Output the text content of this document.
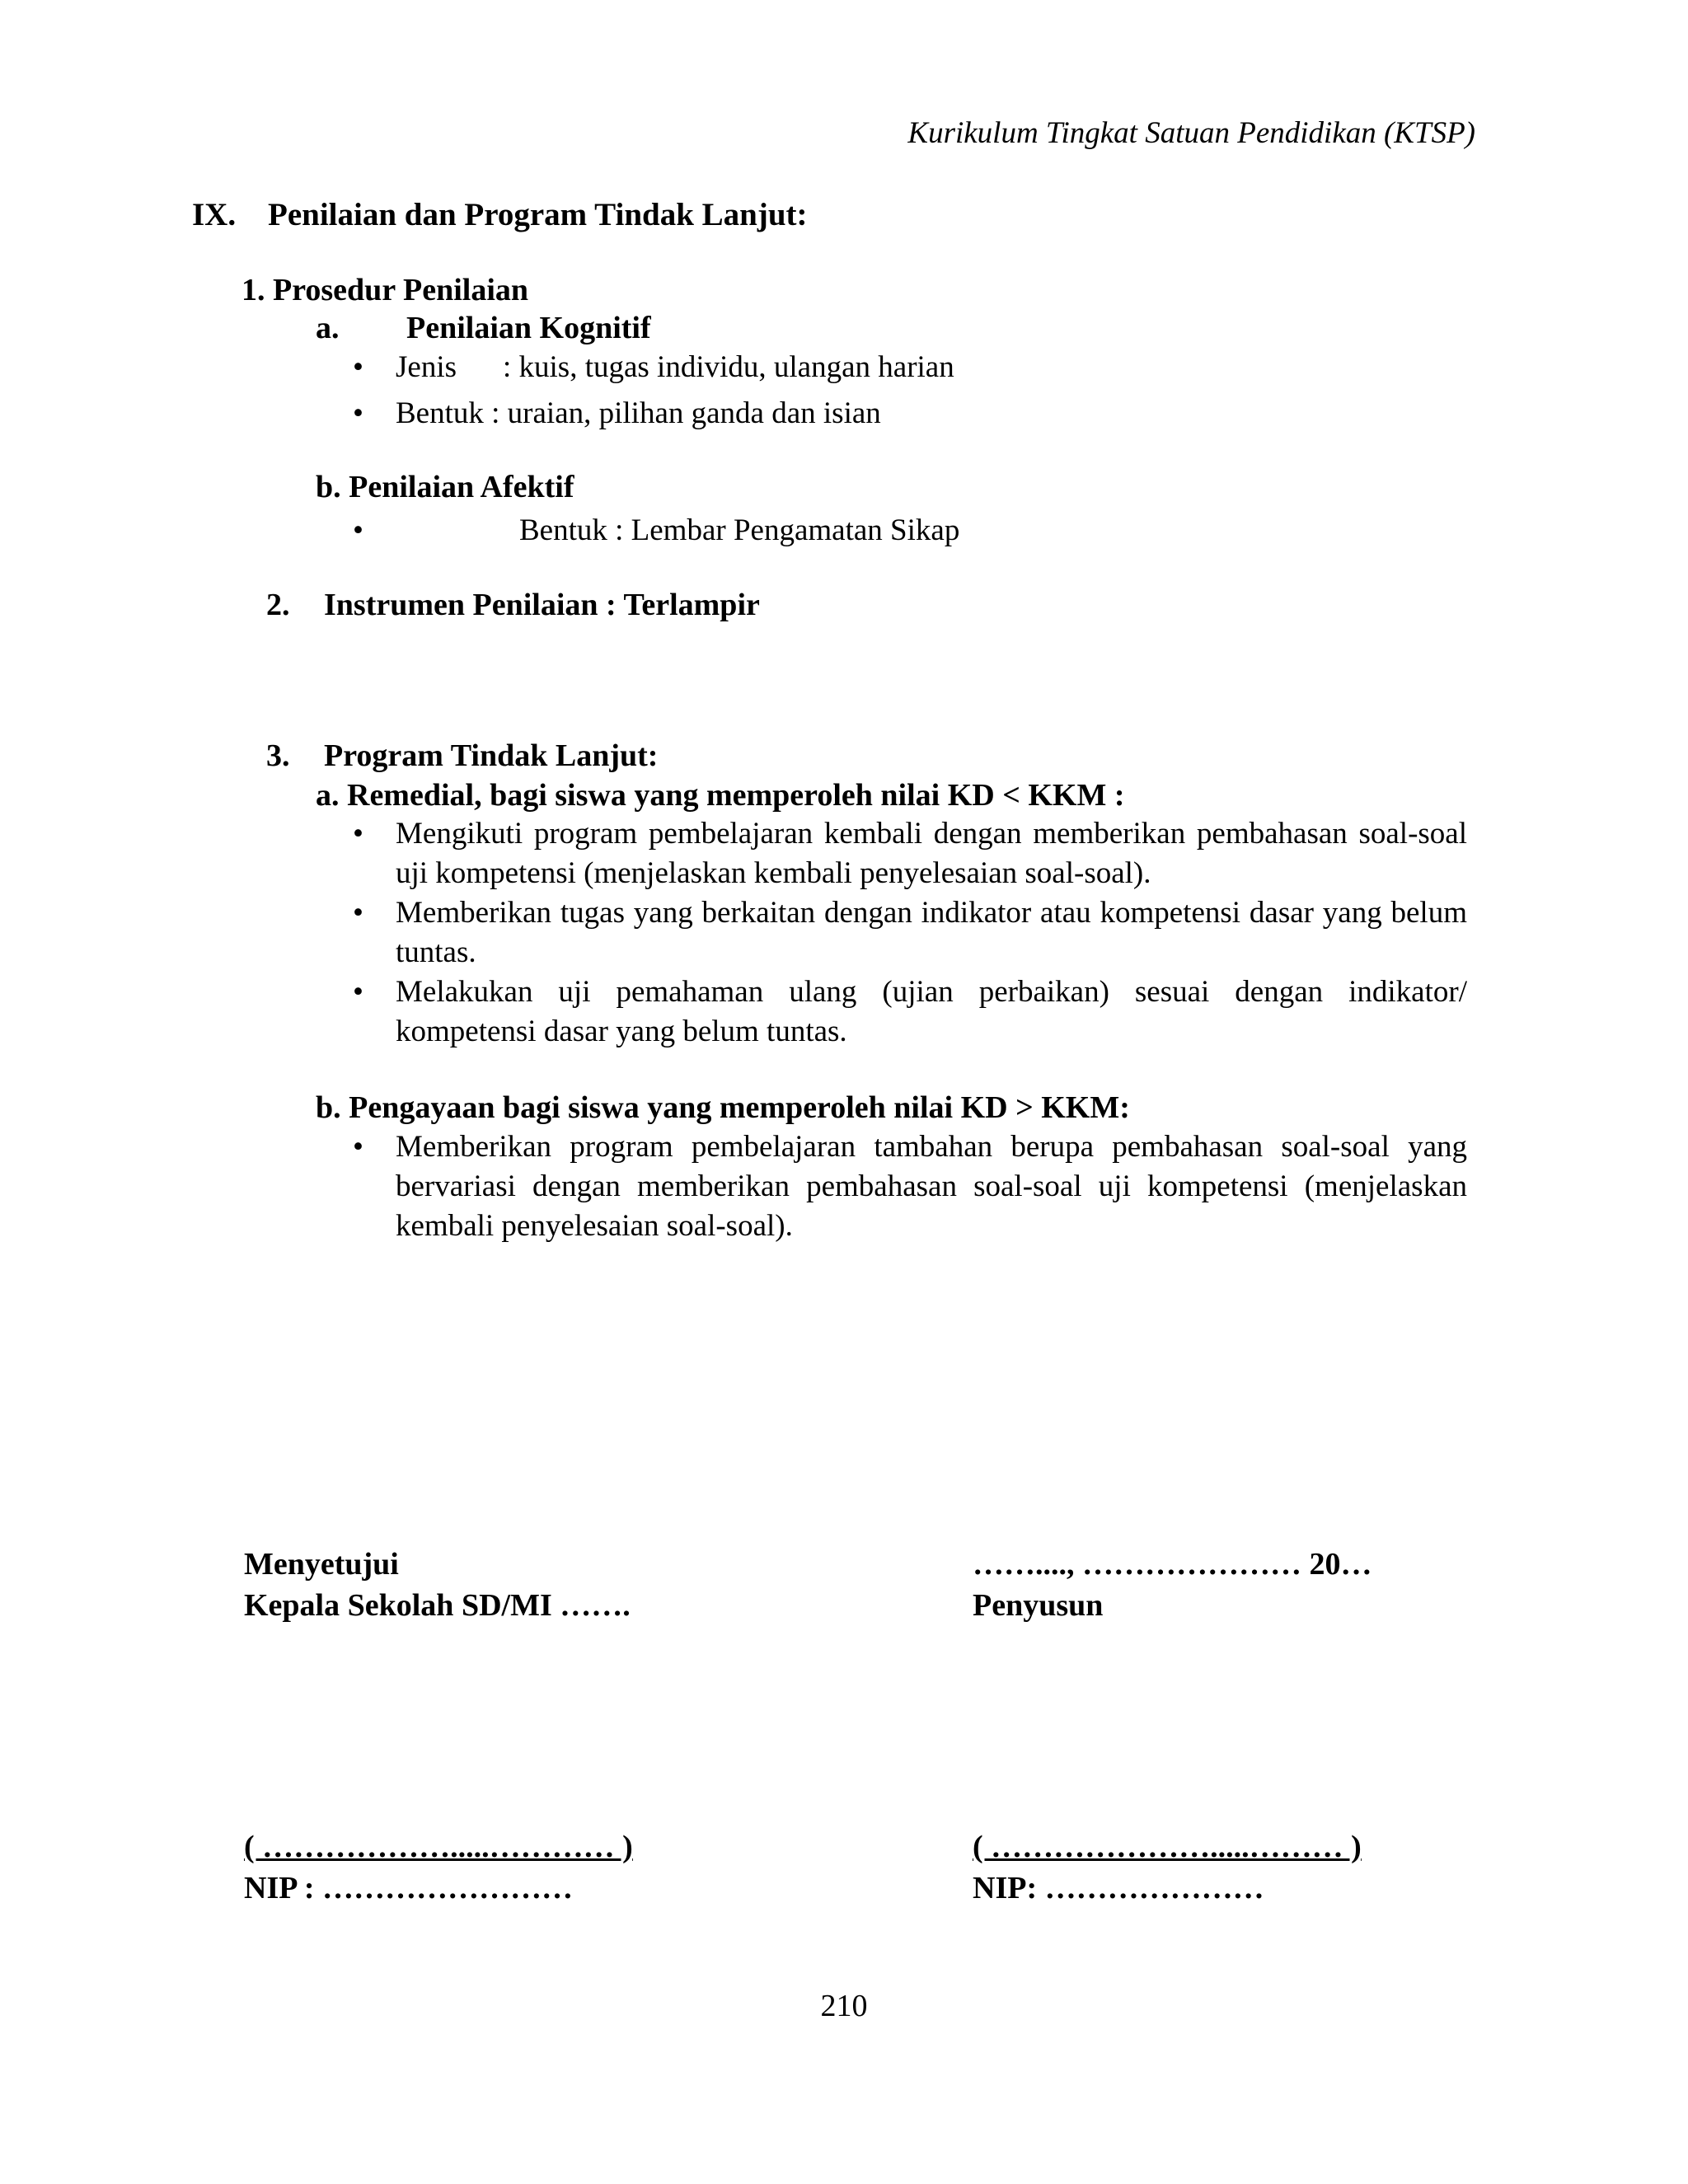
Kurikulum Tingkat Satuan Pendidikan (KTSP)
IX. Penilaian dan Program Tindak Lanjut:
1. Prosedur Penilaian
a. Penilaian Kognitif
• Jenis : kuis, tugas individu, ulangan harian
• Bentuk : uraian, pilihan ganda dan isian
b. Penilaian Afektif
• Bentuk : Lembar Pengamatan Sikap
2. Instrumen Penilaian : Terlampir
3. Program Tindak Lanjut:
a. Remedial, bagi siswa yang memperoleh nilai KD < KKM :
• Mengikuti program pembelajaran kembali dengan memberikan pembahasan soal-soal uji kompetensi (menjelaskan kembali penyelesaian soal-soal).
• Memberikan tugas yang berkaitan dengan indikator atau kompetensi dasar yang belum tuntas.
• Melakukan uji pemahaman ulang (ujian perbaikan) sesuai dengan indikator/ kompetensi dasar yang belum tuntas.
b. Pengayaan bagi siswa yang memperoleh nilai KD > KKM:
• Memberikan program pembelajaran tambahan berupa pembahasan soal-soal yang bervariasi dengan memberikan pembahasan soal-soal uji kompetensi (menjelaskan kembali penyelesaian soal-soal).
Menyetujui
Kepala Sekolah SD/MI …….
……...., ………………… 20…
Penyusun
( ……………….....………… )
NIP : ……………………
( ………………….....……… )
NIP: …………………
210
